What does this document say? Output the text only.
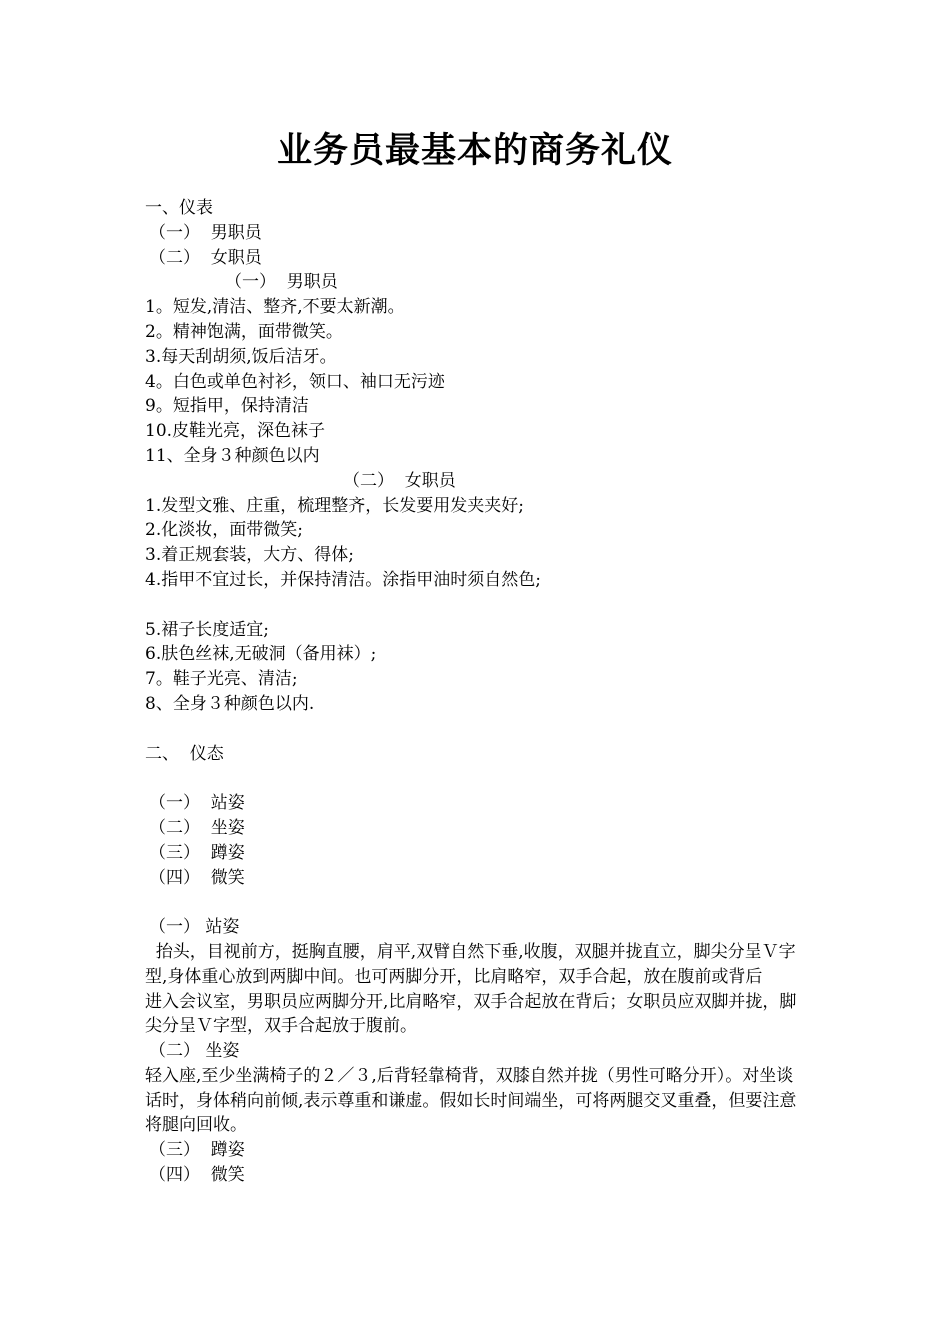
业务员最基本的商务礼仪
一、仪表
（一）  男职员
（二）  女职员
（一）  男职员
1。短发,清洁、整齐,不要太新潮。
2。精神饱满，面带微笑。
3.每天刮胡须,饭后洁牙。
4。白色或单色衬衫，领口、袖口无污迹
9。短指甲，保持清洁
10.皮鞋光亮，深色袜子
11、全身３种颜色以内
（二）  女职员
1.发型文雅、庄重，梳理整齐，长发要用发夹夹好;
2.化淡妆，面带微笑;
3.着正规套装，大方、得体;
4.指甲不宜过长，并保持清洁。涂指甲油时须自然色;
5.裙子长度适宜;
6.肤色丝袜,无破洞（备用袜）;
7。鞋子光亮、清洁;
8、全身３种颜色以内.
二、  仪态
（一）  站姿
（二）  坐姿
（三）  蹲姿
（四）  微笑
（一） 站姿
抬头，目视前方，挺胸直腰，肩平,双臂自然下垂,收腹，双腿并拢直立，脚尖分呈Ｖ字型,身体重心放到两脚中间。也可两脚分开，比肩略窄，双手合起，放在腹前或背后
进入会议室，男职员应两脚分开,比肩略窄，双手合起放在背后；女职员应双脚并拢，脚尖分呈Ｖ字型，双手合起放于腹前。
（二） 坐姿
轻入座,至少坐满椅子的２／３,后背轻靠椅背，双膝自然并拢（男性可略分开）。对坐谈话时，身体稍向前倾,表示尊重和谦虚。假如长时间端坐，可将两腿交叉重叠，但要注意将腿向回收。
（三）  蹲姿
（四）  微笑
